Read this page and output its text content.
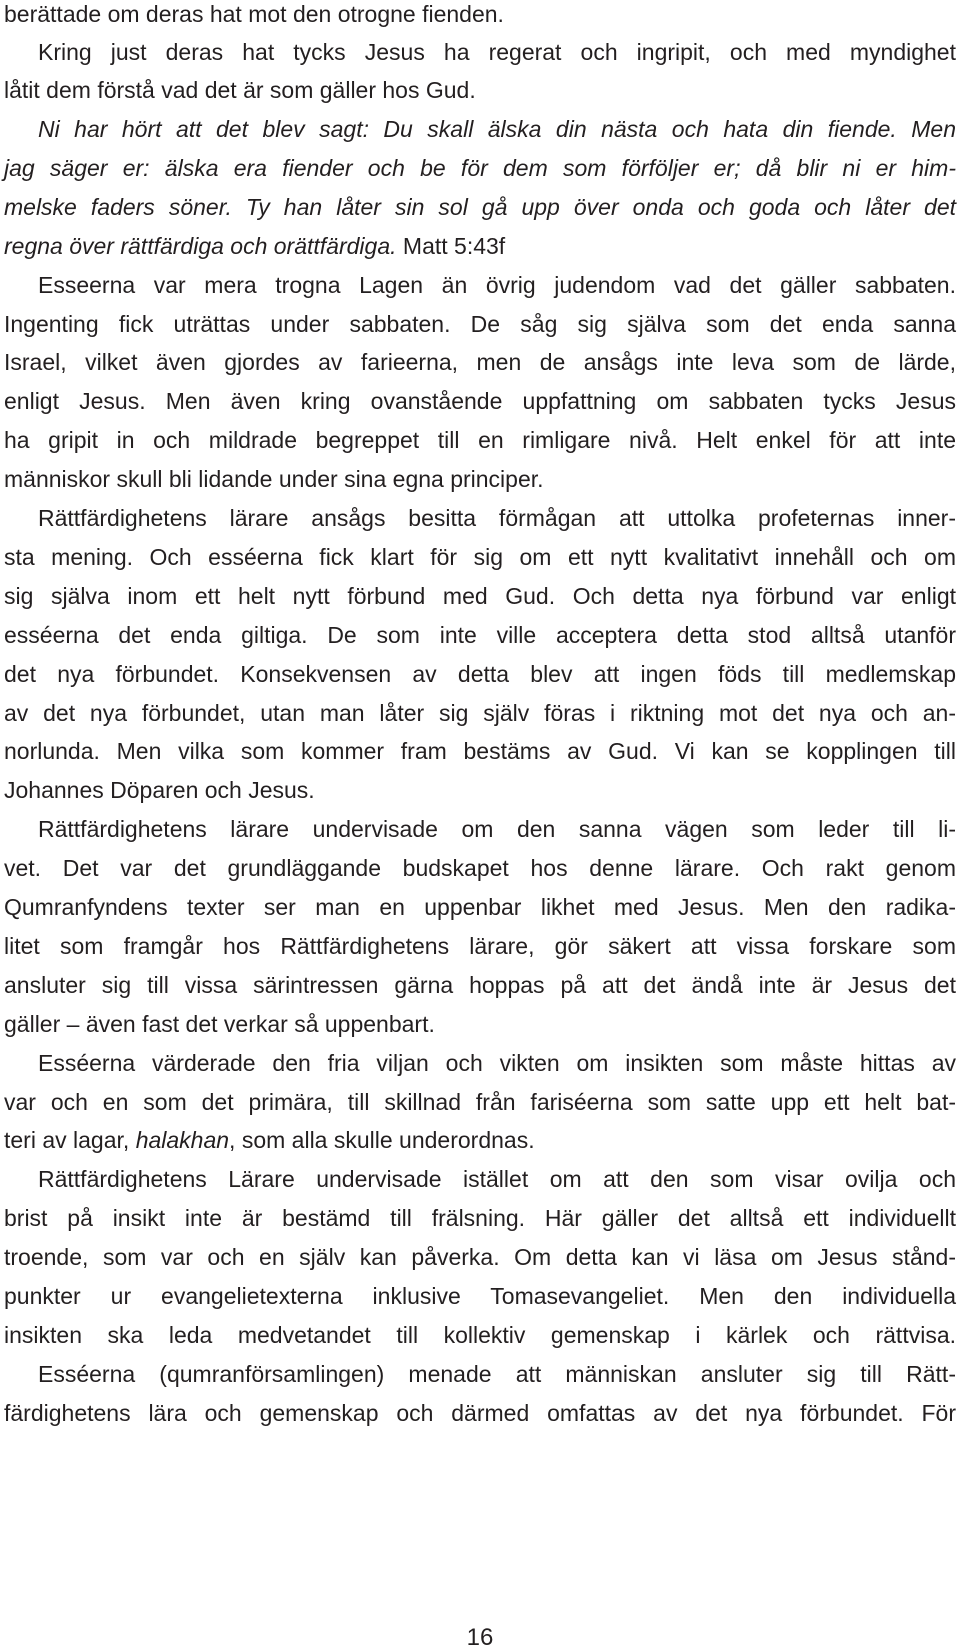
berättade om deras hat mot den otrogne fienden.
Kring just deras hat tycks Jesus ha regerat och ingripit, och med myndighet
låtit dem förstå vad det är som gäller hos Gud.
Ni har hört att det blev sagt: Du skall älska din nästa och hata din fiende. Men
jag säger er: älska era fiender och be för dem som förföljer er; då blir ni er him-
melske faders söner. Ty han låter sin sol gå upp över onda och goda och låter det
regna över rättfärdiga och orättfärdiga. Matt 5:43f
Esseerna var mera trogna Lagen än övrig judendom vad det gäller sabbaten.
Ingenting fick uträttas under sabbaten. De såg sig själva som det enda sanna
Israel, vilket även gjordes av farieerna, men de ansågs inte leva som de lärde,
enligt Jesus. Men även kring ovanstående uppfattning om sabbaten tycks Jesus
ha gripit in och mildrade begreppet till en rimligare nivå. Helt enkel för att inte
människor skull bli lidande under sina egna principer.
Rättfärdighetens lärare ansågs besitta förmågan att uttolka profeternas inner-
sta mening. Och esséerna fick klart för sig om ett nytt kvalitativt innehåll och om
sig själva inom ett helt nytt förbund med Gud. Och detta nya förbund var enligt
esséerna det enda giltiga. De som inte ville acceptera detta stod alltså utanför
det nya förbundet. Konsekvensen av detta blev att ingen föds till medlemskap
av det nya förbundet, utan man låter sig själv föras i riktning mot det nya och an-
norlunda. Men vilka som kommer fram bestäms av Gud. Vi kan se kopplingen till
Johannes Döparen och Jesus.
Rättfärdighetens lärare undervisade om den sanna vägen som leder till li-
vet. Det var det grundläggande budskapet hos denne lärare. Och rakt genom
Qumranfyndens texter ser man en uppenbar likhet med Jesus. Men den radika-
litet som framgår hos Rättfärdighetens lärare, gör säkert att vissa forskare som
ansluter sig till vissa särintressen gärna hoppas på att det ändå inte är Jesus det
gäller – även fast det verkar så uppenbart.
Esséerna värderade den fria viljan och vikten om insikten som måste hittas av
var och en som det primära, till skillnad från fariséerna som satte upp ett helt bat-
teri av lagar, halakhan, som alla skulle underordnas.
Rättfärdighetens Lärare undervisade istället om att den som visar ovilja och
brist på insikt inte är bestämd till frälsning. Här gäller det alltså ett individuellt
troende, som var och en själv kan påverka. Om detta kan vi läsa om Jesus stånd-
punkter ur evangelietexterna inklusive Tomasevangeliet. Men den individuella
insikten ska leda medvetandet till kollektiv gemenskap i kärlek och rättvisa.
Esséerna (qumranförsamlingen) menade att människan ansluter sig till Rätt-
färdighetens lära och gemenskap och därmed omfattas av det nya förbundet. För
16
